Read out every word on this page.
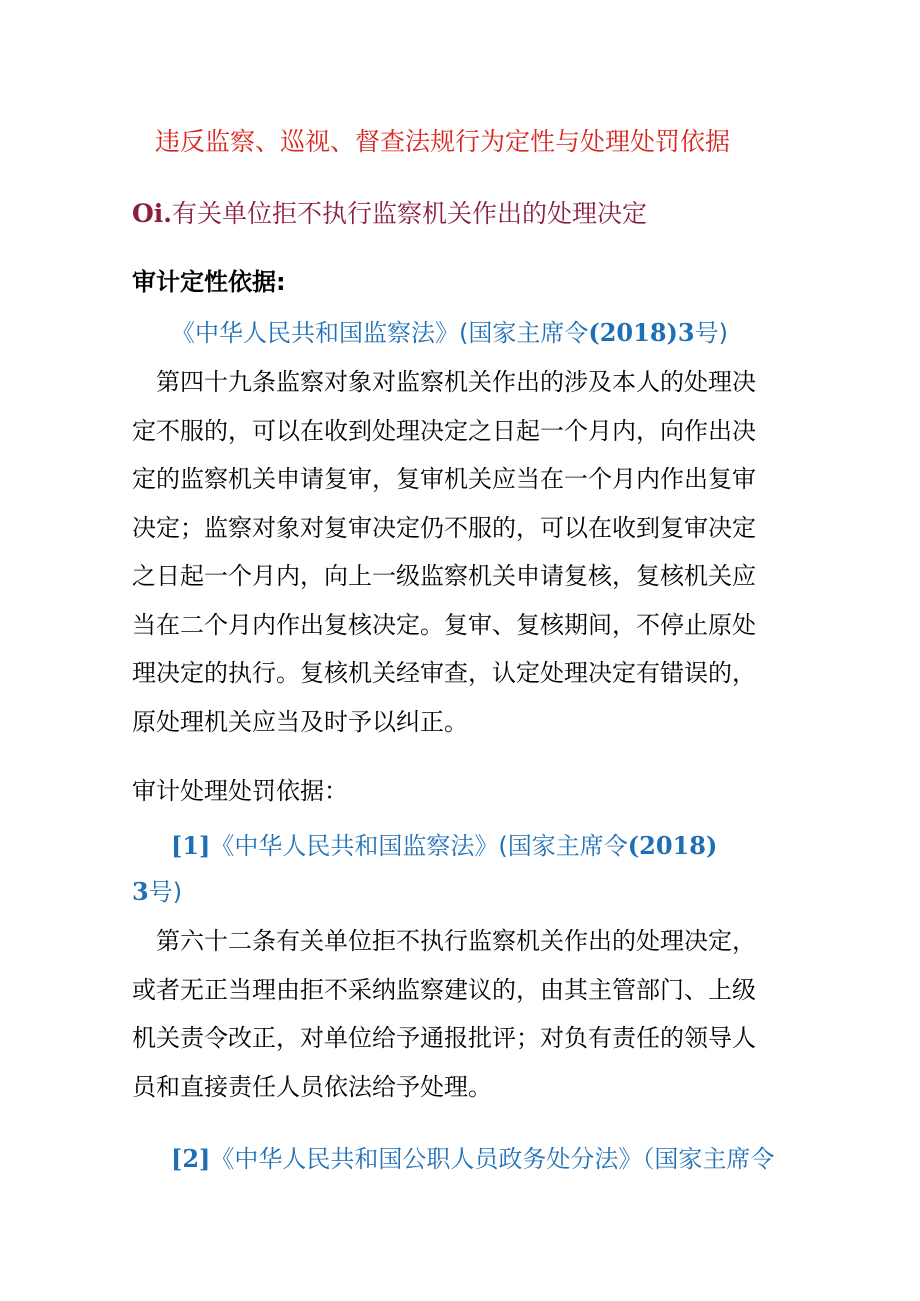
违反监察、巡视、督查法规行为定性与处理处罚依据
Oi.有关单位拒不执行监察机关作出的处理决定
审计定性依据:
《中华人民共和国监察法》(国家主席令(2018)3号)
第四十九条监察对象对监察机关作出的涉及本人的处理决
定不服的，可以在收到处理决定之日起一个月内，向作出决
定的监察机关申请复审，复审机关应当在一个月内作出复审
决定；监察对象对复审决定仍不服的，可以在收到复审决定
之日起一个月内，向上一级监察机关申请复核，复核机关应
当在二个月内作出复核决定。复审、复核期间，不停止原处
理决定的执行。复核机关经审查，认定处理决定有错误的，
原处理机关应当及时予以纠正。
审计处理处罚依据：
[1]《中华人民共和国监察法》(国家主席令(2018)
3号)
第六十二条有关单位拒不执行监察机关作出的处理决定，
或者无正当理由拒不采纳监察建议的，由其主管部门、上级
机关责令改正，对单位给予通报批评；对负有责任的领导人
员和直接责任人员依法给予处理。
[2]《中华人民共和国公职人员政务处分法》（国家主席令
